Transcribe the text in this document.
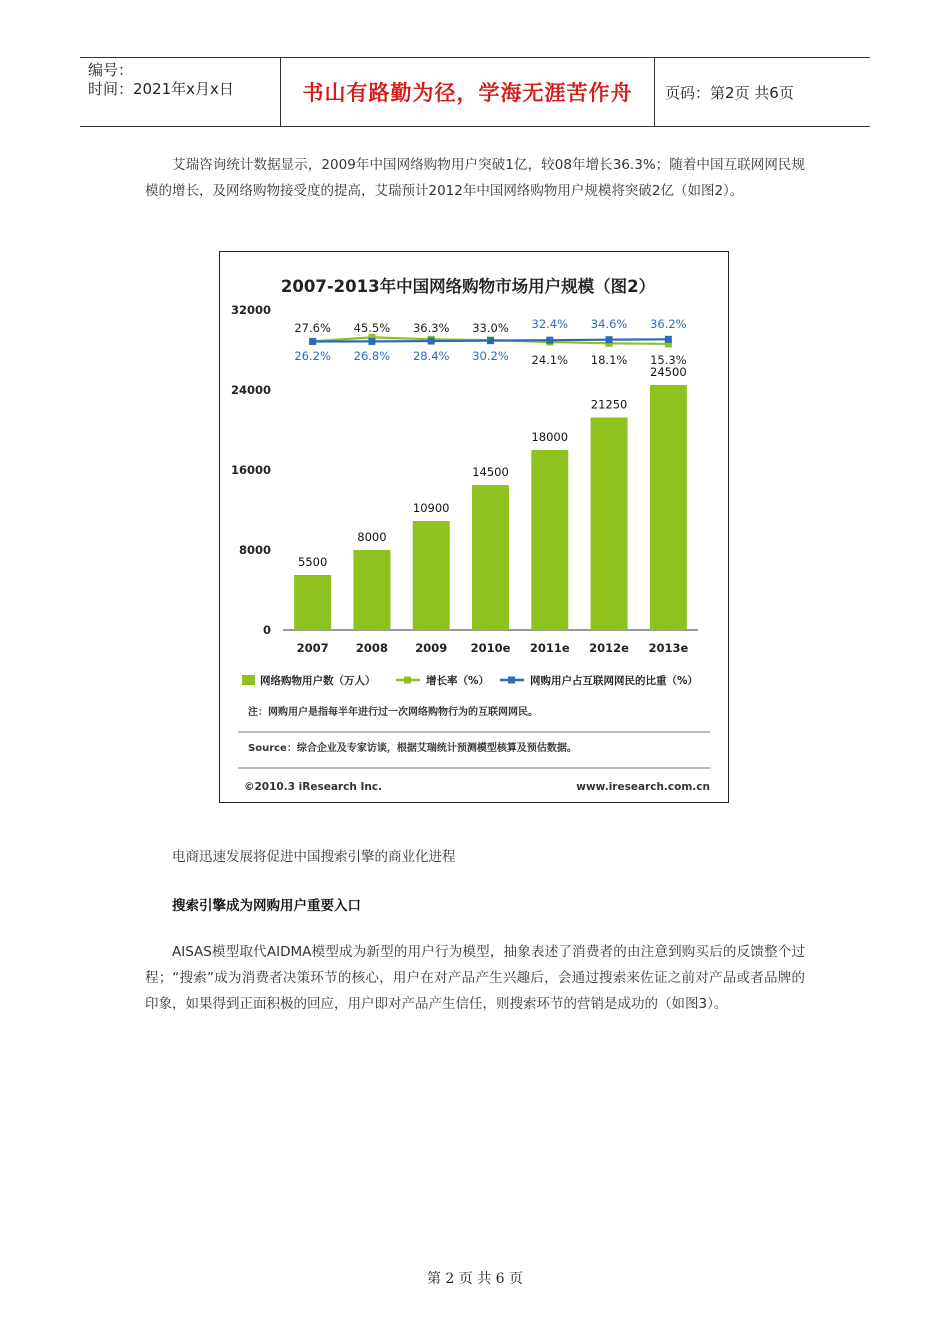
编号：
时间：2021年x月x日	书山有路勤为径，学海无涯苦作舟	页码：第2页 共6页

艾瑞咨询统计数据显示，2009年中国网络购物用户突破1亿，较08年增长36.3%；随着中国互联网网民规模的增长，及网络购物接受度的提高，艾瑞预计2012年中国网络购物用户规模将突破2亿（如图2）。

2007-2013年中国网络购物市场用户规模（图2）
0
8000
16000
24000
32000
2007 2008 2009 2010e 2011e 2012e 2013e
5500
8000
10900
14500
18000
21250
24500
27.6% 45.5% 36.3% 33.0%
24.1% 18.1% 15.3%
26.2% 26.8% 28.4% 30.2%
32.4% 34.6% 36.2%
网络购物用户数（万人）	增长率（%）	网购用户占互联网网民的比重（%）
注：网购用户是指每半年进行过一次网络购物行为的互联网网民。
Source：综合企业及专家访谈，根据艾瑞统计预测模型核算及预估数据。
©2010.3 iResearch Inc.	www.iresearch.com.cn

电商迅速发展将促进中国搜索引擎的商业化进程

搜索引擎成为网购用户重要入口

AISAS模型取代AIDMA模型成为新型的用户行为模型，抽象表述了消费者的由注意到购买后的反馈整个过程；“搜索”成为消费者决策环节的核心，用户在对产品产生兴趣后，会通过搜索来佐证之前对产品或者品牌的印象，如果得到正面积极的回应，用户即对产品产生信任，则搜索环节的营销是成功的（如图3）。

第 2 页 共 6 页
